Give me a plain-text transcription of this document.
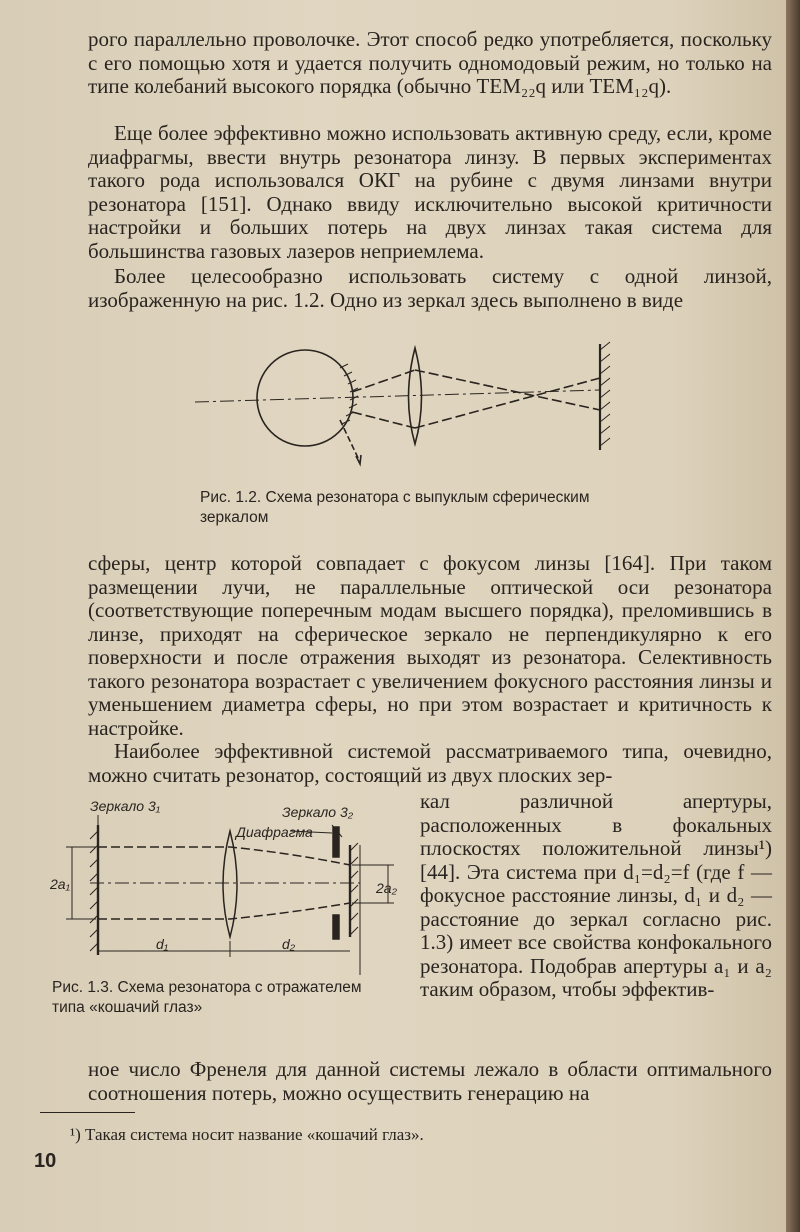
рого параллельно проволочке. Этот способ редко употребляется, поскольку с его помощью хотя и удается получить одномодовый режим, но только на типе колебаний высокого порядка (обычно TEM₂₂q или TEM₁₂q).

Еще более эффективно можно использовать активную среду, если, кроме диафрагмы, ввести внутрь резонатора линзу. В первых экспериментах такого рода использовался ОКГ на рубине с двумя линзами внутри резонатора [151]. Однако ввиду исключительно высокой критичности настройки и больших потерь на двух линзах такая система для большинства газовых лазеров неприемлема.

Более целесообразно использовать систему с одной линзой, изображенную на рис. 1.2. Одно из зеркал здесь выполнено в виде

Рис. 1.2. Схема резонатора с выпуклым сферическим зеркалом

сферы, центр которой совпадает с фокусом линзы [164]. При таком размещении лучи, не параллельные оптической оси резонатора (соответствующие поперечным модам высшего порядка), преломившись в линзе, приходят на сферическое зеркало не перпендикулярно к его поверхности и после отражения выходят из резонатора. Селективность такого резонатора возрастает с увеличением фокусного расстояния линзы и уменьшением диаметра сферы, но при этом возрастает и критичность к настройке.

Наиболее эффективной системой рассматриваемого типа, очевидно, можно считать резонатор, состоящий из двух плоских зер-

Зеркало 3₁	Зеркало 3₂
Диафрагма
2a₁	2a₂
d₁	d₂

Рис. 1.3. Схема резонатора с отражателем типа «кошачий глаз»

кал различной апертуры, расположенных в фокальных плоскостях положительной линзы¹) [44]. Эта система при d₁=d₂=f (где f — фокусное расстояние линзы, d₁ и d₂ — расстояние до зеркал согласно рис. 1.3) имеет все свойства конфокального резонатора. Подобрав апертуры a₁ и a₂ таким образом, чтобы эффектив-

ное число Френеля для данной системы лежало в области оптимального соотношения потерь, можно осуществить генерацию на

¹) Такая система носит название «кошачий глаз».

10
